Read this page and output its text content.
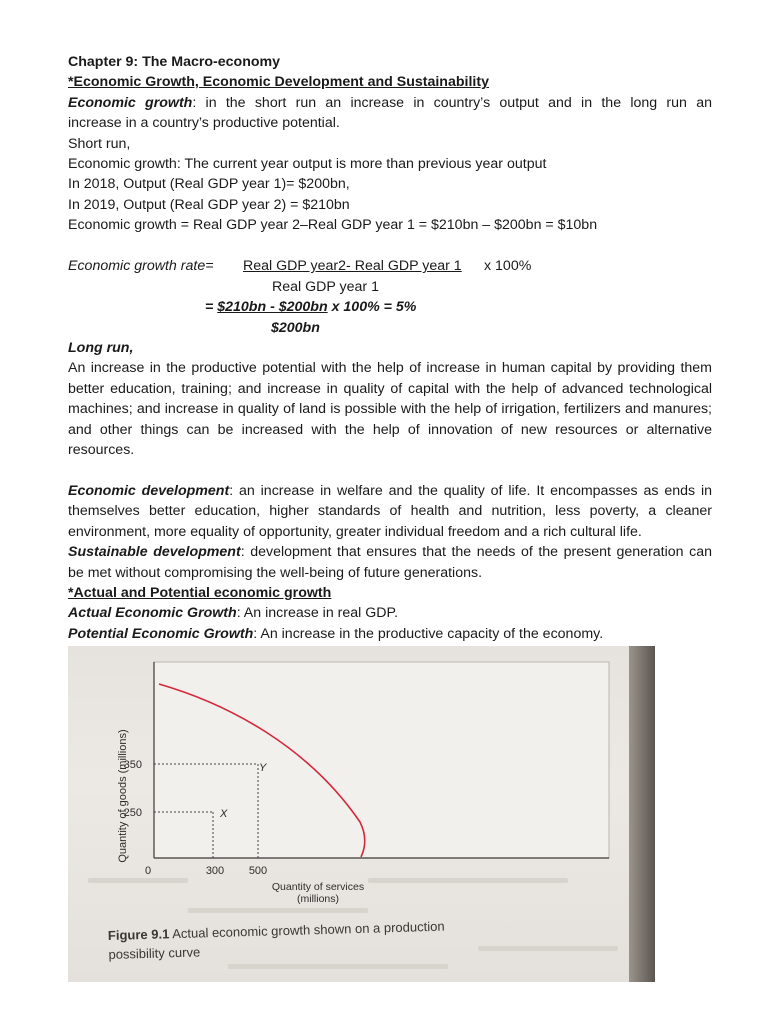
Chapter 9: The Macro-economy
*Economic Growth, Economic Development and Sustainability
Economic growth: in the short run an increase in country’s output and in the long run an
increase in a country’s productive potential.
Short run,
Economic growth: The current year output is more than previous year output
In 2018, Output (Real GDP year 1)= $200bn,
In 2019, Output (Real GDP year 2) = $210bn
Economic growth = Real GDP year 2–Real GDP year 1 = $210bn – $200bn = $10bn
Economic growth rate= Real GDP year2- Real GDP year 1 x 100%
Real GDP year 1
= $210bn - $200bn x 100% = 5%
$200bn
Long run,
An increase in the productive potential with the help of increase in human capital by providing them better education, training; and increase in quality of capital with the help of advanced technological machines; and increase in quality of land is possible with the help of irrigation, fertilizers and manures; and other things can be increased with the help of innovation of new resources or alternative resources.
Economic development: an increase in welfare and the quality of life. It encompasses as ends in themselves better education, higher standards of health and nutrition, less poverty, a cleaner environment, more equality of opportunity, greater individual freedom and a rich cultural life.
Sustainable development: development that ensures that the needs of the present generation can be met without compromising the well-being of future generations.
*Actual and Potential economic growth
Actual Economic Growth: An increase in real GDP.
Potential Economic Growth: An increase in the productive capacity of the economy.
Quantity of goods (millions)
350
250
0	300 500
X
Y
Quantity of services
(millions)
Figure 9.1 Actual economic growth shown on a production
possibility curve
